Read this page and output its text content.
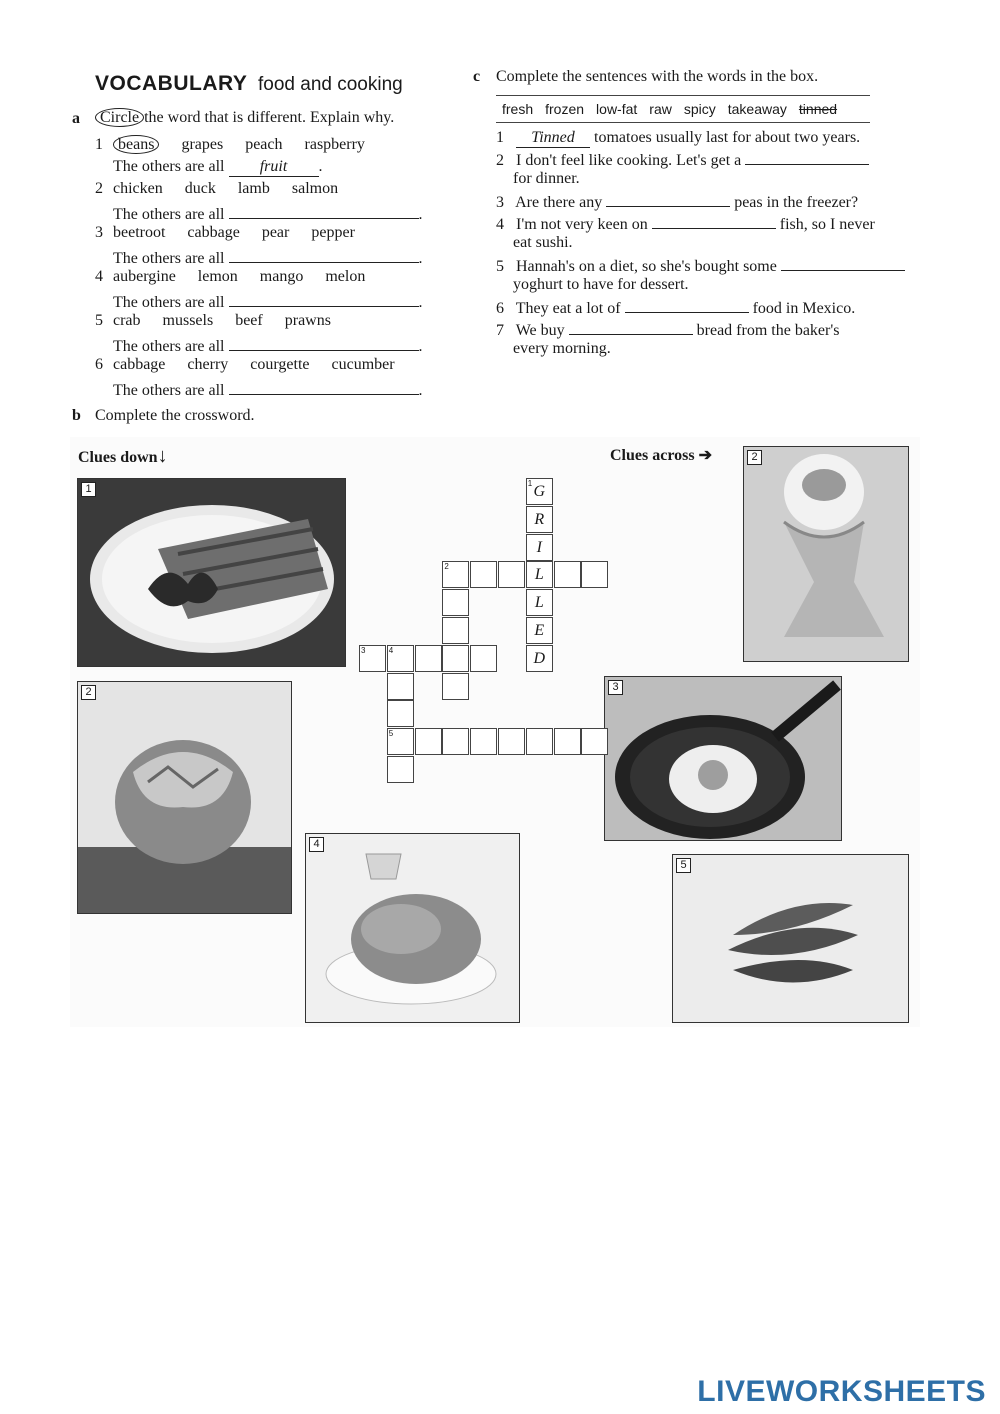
VOCABULARY food and cooking
a	Circle the word that is different. Explain why.
1 beans grapes peach raspberry
The others are all fruit .
2 chicken duck lamb salmon
The others are all	.
3 beetroot cabbage pear pepper
The others are all	.
4 aubergine lemon mango melon
The others are all	.
5 crab mussels beef prawns
The others are all	.
6 cabbage cherry courgette cucumber
The others are all	.
c Complete the sentences with the words in the box.
fresh frozen low-fat raw spicy takeaway tinned
1 Tinned tomatoes usually last for about two years.
2 I don't feel like cooking. Let's get a
for dinner.
3 Are there any	peas in the freezer?
4 I'm not very keen on	fish, so I never
eat sushi.
5 Hannah's on a diet, so she's bought some
yoghurt to have for dessert.
6 They eat a lot of	food in Mexico.
7 We buy	bread from the baker's
every morning.
b Complete the crossword.
Clues down↓	Clues across ➔
1
2
2
3
4
5
G
R
I
L
L
E
D
1
2
3	4
5
LIVEWORKSHEETS
